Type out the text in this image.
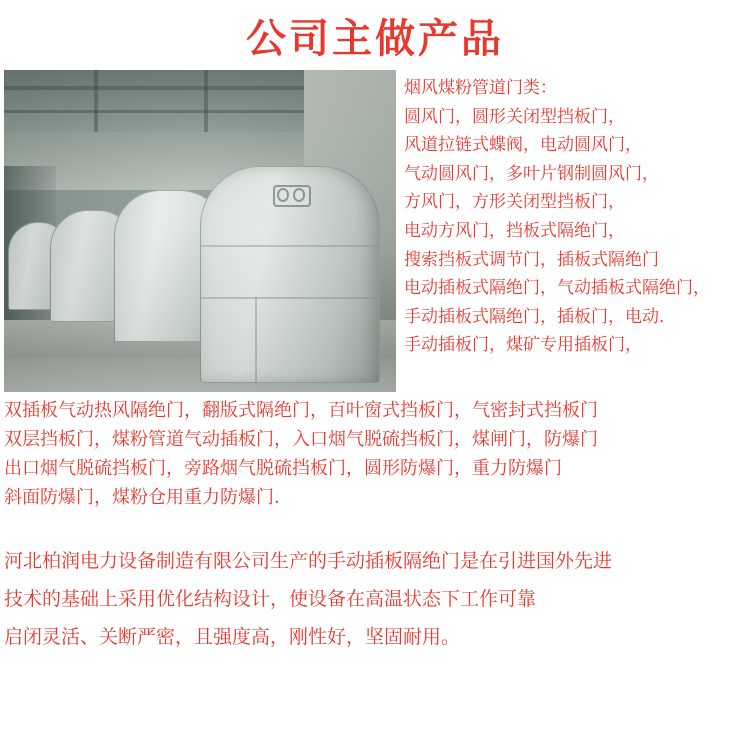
公司主做产品
烟风煤粉管道门类：
圆风门，圆形关闭型挡板门，
风道拉链式蝶阀，电动圆风门，
气动圆风门，多叶片钢制圆风门，
方风门，方形关闭型挡板门，
电动方风门，挡板式隔绝门，
搜索挡板式调节门，插板式隔绝门
电动插板式隔绝门，气动插板式隔绝门，
手动插板式隔绝门，插板门，电动.
手动插板门，煤矿专用插板门，
双插板气动热风隔绝门，翻版式隔绝门，百叶窗式挡板门，气密封式挡板门
双层挡板门，煤粉管道气动插板门，入口烟气脱硫挡板门，煤闸门，防爆门
出口烟气脱硫挡板门，旁路烟气脱硫挡板门，圆形防爆门，重力防爆门
斜面防爆门，煤粉仓用重力防爆门.
河北柏润电力设备制造有限公司生产的手动插板隔绝门是在引进国外先进
技术的基础上采用优化结构设计，使设备在高温状态下工作可靠
启闭灵活、关断严密，且强度高，刚性好，坚固耐用。
